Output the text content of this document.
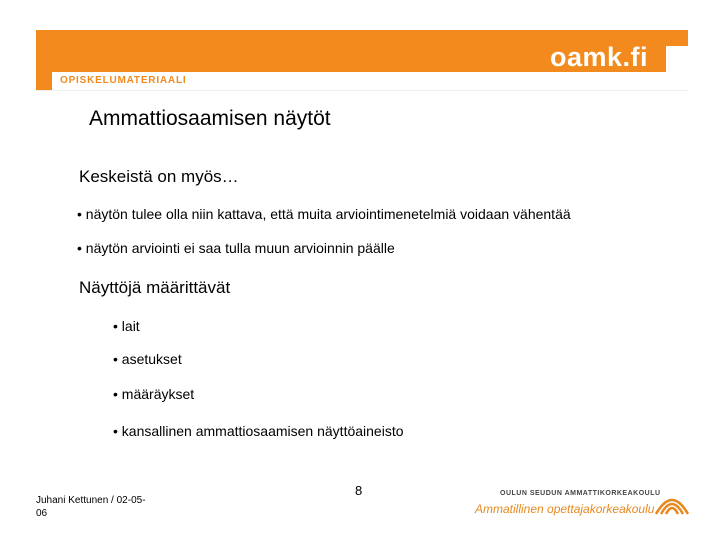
oamk.fi
OPISKELUMATERIAALI
Ammattiosaamisen näytöt
Keskeistä on myös…
• näytön tulee olla niin kattava, että muita arviointimenetelmiä voidaan vähentää
• näytön arviointi ei saa tulla muun arvioinnin päälle
Näyttöjä määrittävät
• lait
• asetukset
• määräykset
• kansallinen ammattiosaamisen näyttöaineisto
Juhani Kettunen / 02-05-06
8	OULUN SEUDUN AMMATTIKORKEAKOULU
Ammatillinen opettajakorkeakoulu
